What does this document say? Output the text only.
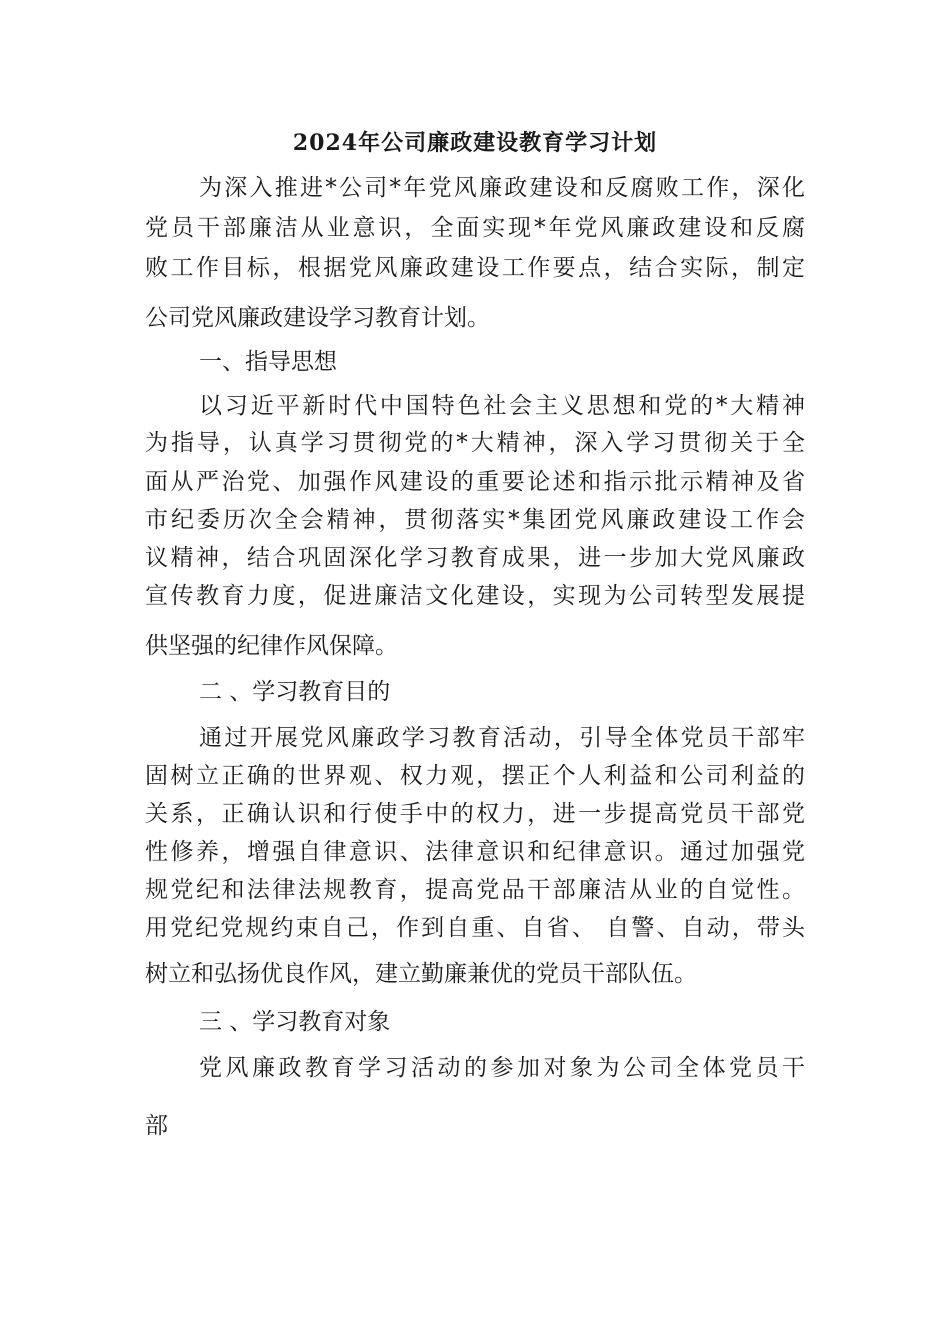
2024年公司廉政建设教育学习计划

为深入推进*公司*年党风廉政建设和反腐败工作，深化

党员干部廉洁从业意识，全面实现*年党风廉政建设和反腐

败工作目标，根据党风廉政建设工作要点，结合实际，制定

公司党风廉政建设学习教育计划。

一、指导思想

以习近平新时代中国特色社会主义思想和党的*大精神

为指导，认真学习贯彻党的*大精神，深入学习贯彻关于全

面从严治党、加强作风建设的重要论述和指示批示精神及省

市纪委历次全会精神，贯彻落实*集团党风廉政建设工作会

议精神，结合巩固深化学习教育成果，进一步加大党风廉政

宣传教育力度，促进廉洁文化建设，实现为公司转型发展提

供坚强的纪律作风保障。

二 、学习教育目的

通过开展党风廉政学习教育活动，引导全体党员干部牢

固树立正确的世界观、权力观，摆正个人利益和公司利益的

关系，正确认识和行使手中的权力，进一步提高党员干部党

性修养，增强自律意识、法律意识和纪律意识。通过加强党

规党纪和法律法规教育，提高党品干部廉洁从业的自觉性。

用党纪党规约束自己，作到自重、自省、 自警、自动，带头

树立和弘扬优良作风，建立勤廉兼优的党员干部队伍。

三 、学习教育对象

党风廉政教育学习活动的参加对象为公司全体党员干

部
